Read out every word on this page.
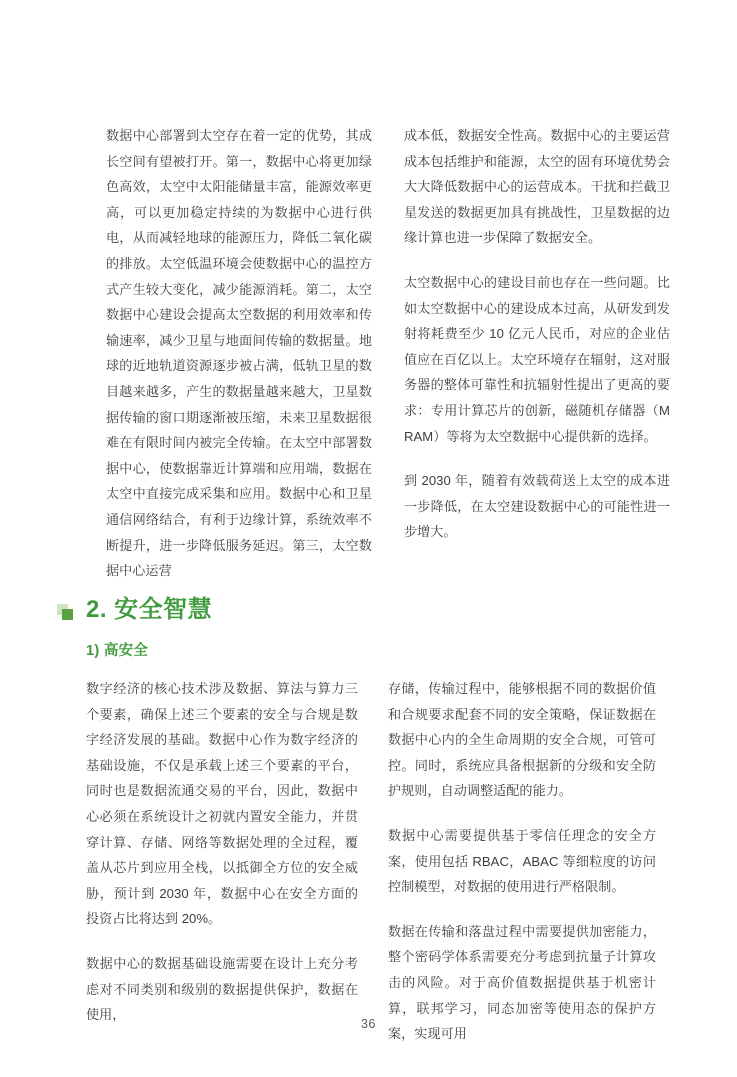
数据中心部署到太空存在着一定的优势，其成长空间有望被打开。第一，数据中心将更加绿色高效，太空中太阳能储量丰富，能源效率更高，可以更加稳定持续的为数据中心进行供电，从而减轻地球的能源压力，降低二氧化碳的排放。太空低温环境会使数据中心的温控方式产生较大变化，减少能源消耗。第二，太空数据中心建设会提高太空数据的利用效率和传输速率，减少卫星与地面间传输的数据量。地球的近地轨道资源逐步被占满，低轨卫星的数目越来越多，产生的数据量越来越大，卫星数据传输的窗口期逐渐被压缩，未来卫星数据很难在有限时间内被完全传输。在太空中部署数据中心，使数据靠近计算端和应用端，数据在太空中直接完成采集和应用。数据中心和卫星通信网络结合，有利于边缘计算，系统效率不断提升，进一步降低服务延迟。第三，太空数据中心运营

成本低，数据安全性高。数据中心的主要运营成本包括维护和能源，太空的固有环境优势会大大降低数据中心的运营成本。干扰和拦截卫星发送的数据更加具有挑战性，卫星数据的边缘计算也进一步保障了数据安全。

太空数据中心的建设目前也存在一些问题。比如太空数据中心的建设成本过高，从研发到发射将耗费至少 10 亿元人民币，对应的企业估值应在百亿以上。太空环境存在辐射，这对服务器的整体可靠性和抗辐射性提出了更高的要求：专用计算芯片的创新，磁随机存储器（MRAM）等将为太空数据中心提供新的选择。

到 2030 年，随着有效载荷送上太空的成本进一步降低，在太空建设数据中心的可能性进一步增大。

2. 安全智慧
1) 高安全

数字经济的核心技术涉及数据、算法与算力三个要素，确保上述三个要素的安全与合规是数字经济发展的基础。数据中心作为数字经济的基础设施，不仅是承载上述三个要素的平台，同时也是数据流通交易的平台，因此，数据中心必须在系统设计之初就内置安全能力，并贯穿计算、存储、网络等数据处理的全过程，覆盖从芯片到应用全栈，以抵御全方位的安全威胁，预计到 2030 年，数据中心在安全方面的投资占比将达到 20%。

数据中心的数据基础设施需要在设计上充分考虑对不同类别和级别的数据提供保护，数据在使用，

存储，传输过程中，能够根据不同的数据价值和合规要求配套不同的安全策略，保证数据在数据中心内的全生命周期的安全合规，可管可控。同时，系统应具备根据新的分级和安全防护规则，自动调整适配的能力。

数据中心需要提供基于零信任理念的安全方案，使用包括 RBAC，ABAC 等细粒度的访问控制模型，对数据的使用进行严格限制。

数据在传输和落盘过程中需要提供加密能力，整个密码学体系需要充分考虑到抗量子计算攻击的风险。对于高价值数据提供基于机密计算，联邦学习，同态加密等使用态的保护方案，实现可用

36
